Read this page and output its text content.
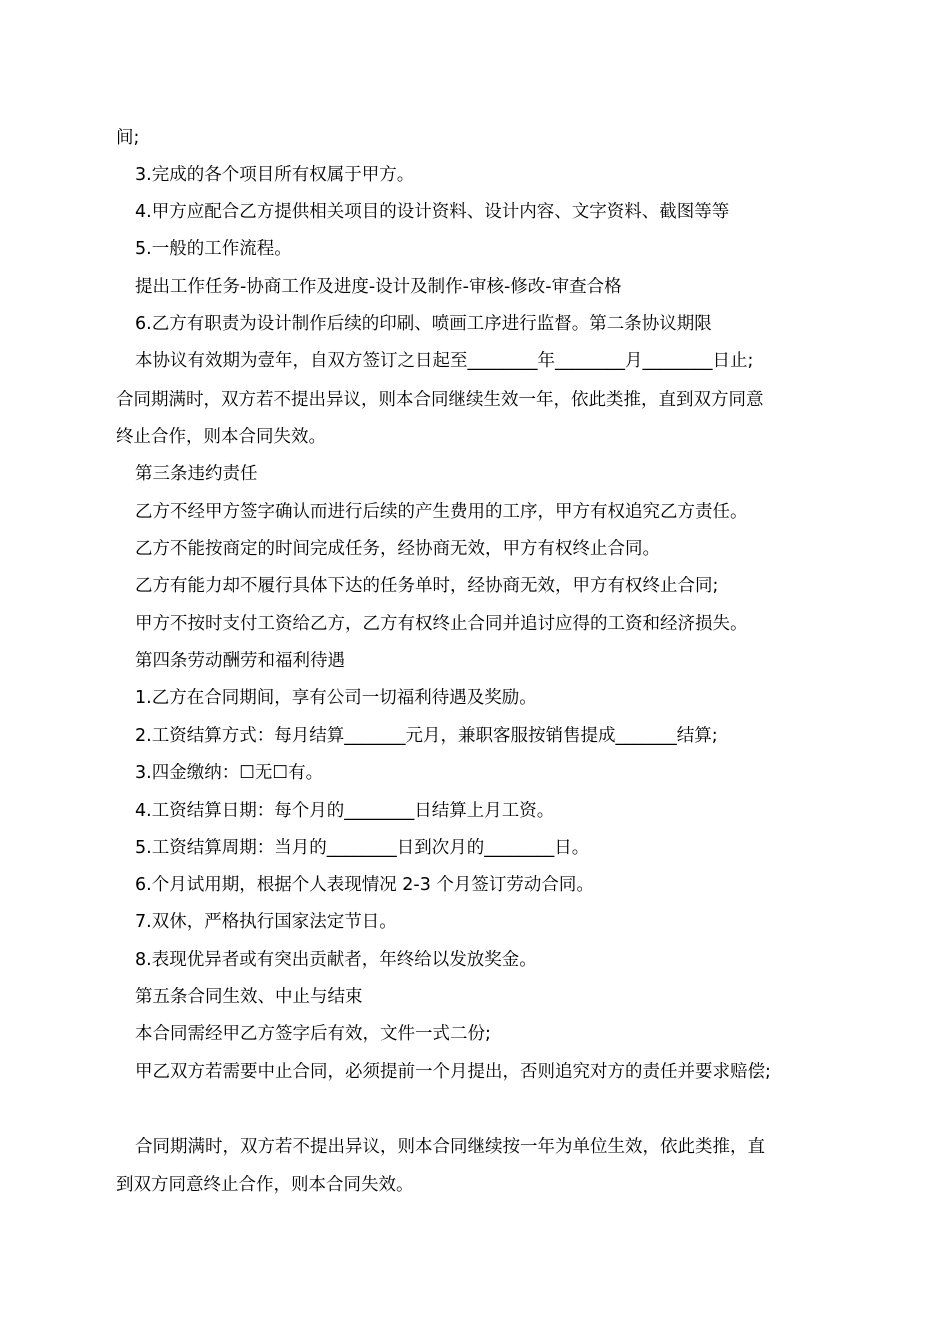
间;
3.完成的各个项目所有权属于甲方。
4.甲方应配合乙方提供相关项目的设计资料、设计内容、文字资料、截图等等
5.一般的工作流程。
提出工作任务-协商工作及进度-设计及制作-审核-修改-审查合格
6.乙方有职责为设计制作后续的印刷、喷画工序进行监督。第二条协议期限
本协议有效期为壹年，自双方签订之日起至________年________月________日止;
合同期满时，双方若不提出异议，则本合同继续生效一年，依此类推，直到双方同意
终止合作，则本合同失效。
第三条违约责任
乙方不经甲方签字确认而进行后续的产生费用的工序，甲方有权追究乙方责任。
乙方不能按商定的时间完成任务，经协商无效，甲方有权终止合同。
乙方有能力却不履行具体下达的任务单时，经协商无效，甲方有权终止合同;
甲方不按时支付工资给乙方，乙方有权终止合同并追讨应得的工资和经济损失。
第四条劳动酬劳和福利待遇
1.乙方在合同期间，享有公司一切福利待遇及奖励。
2.工资结算方式：每月结算_______元月，兼职客服按销售提成_______结算;
3.四金缴纳：☐无☐有。
4.工资结算日期：每个月的________日结算上月工资。
5.工资结算周期：当月的________日到次月的________日。
6.个月试用期，根据个人表现情况 2-3 个月签订劳动合同。
7.双休，严格执行国家法定节日。
8.表现优异者或有突出贡献者，年终给以发放奖金。
第五条合同生效、中止与结束
本合同需经甲乙方签字后有效，文件一式二份;
甲乙双方若需要中止合同，必须提前一个月提出，否则追究对方的责任并要求赔偿;
合同期满时，双方若不提出异议，则本合同继续按一年为单位生效，依此类推，直
到双方同意终止合作，则本合同失效。
